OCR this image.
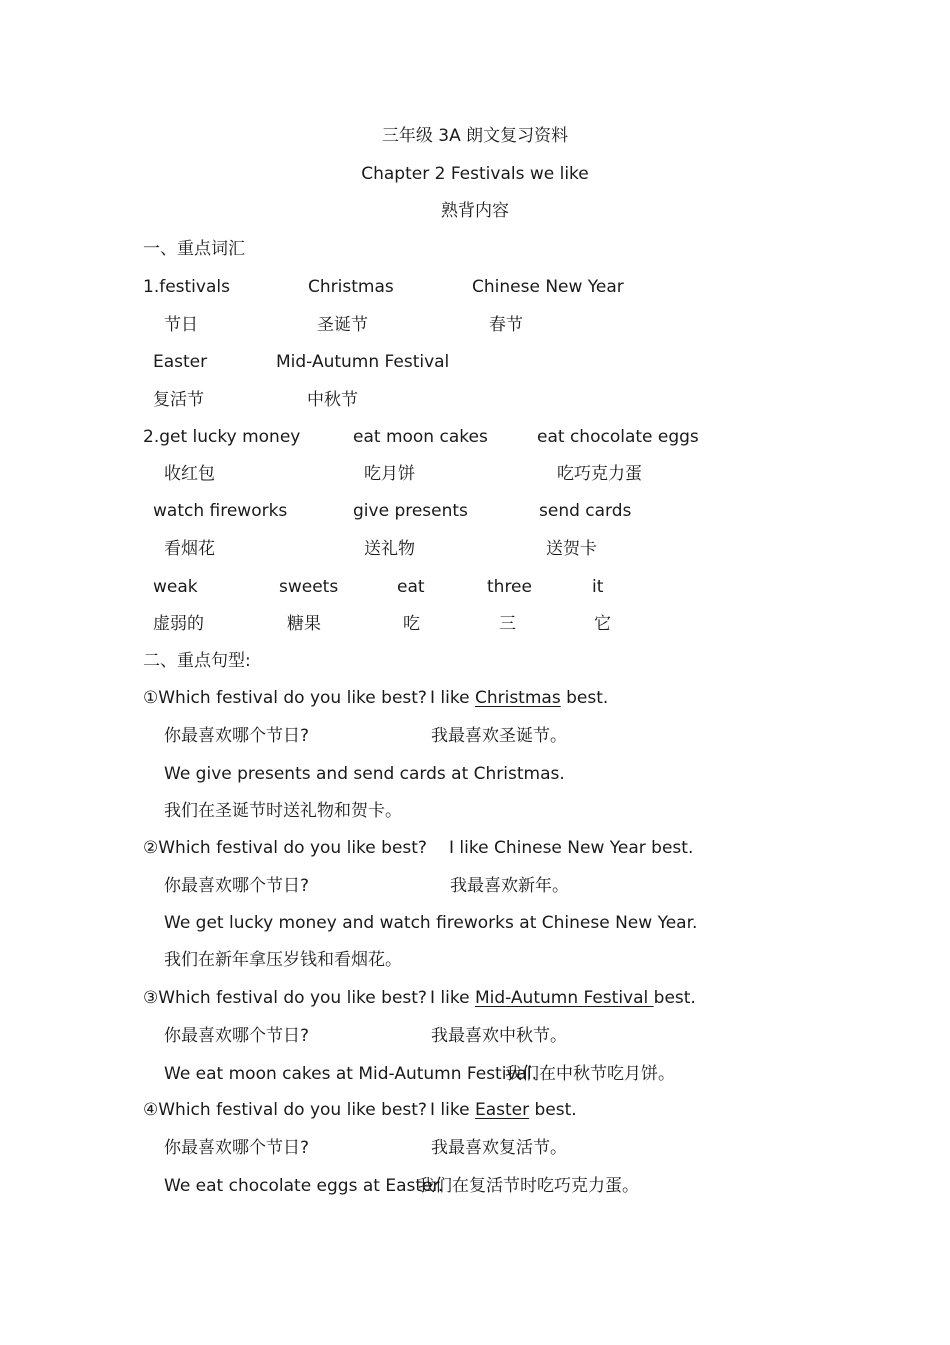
三年级 3A 朗文复习资料
Chapter 2 Festivals we like
熟背内容
一、重点词汇
1.festivals	Christmas	Chinese New Year
节日	圣诞节	春节
Easter	Mid-Autumn Festival
复活节	中秋节
2.get lucky money	eat moon cakes	eat chocolate eggs
收红包	吃月饼	吃巧克力蛋
watch fireworks	give presents	send cards
看烟花	送礼物	送贺卡
weak	sweets	eat	three	it
虚弱的	糖果	吃	三	它
二、重点句型:
①Which festival do you like best? I like Christmas best.
你最喜欢哪个节日?	我最喜欢圣诞节。
We give presents and send cards at Christmas.
我们在圣诞节时送礼物和贺卡。
②Which festival do you like best? I like Chinese New Year best.
你最喜欢哪个节日?	我最喜欢新年。
We get lucky money and watch fireworks at Chinese New Year.
我们在新年拿压岁钱和看烟花。
③Which festival do you like best? I like Mid-Autumn Festival best.
你最喜欢哪个节日?	我最喜欢中秋节。
We eat moon cakes at Mid-Autumn Festival.
我们在中秋节吃月饼。
④Which festival do you like best? I like Easter best.
你最喜欢哪个节日?	我最喜欢复活节。
We eat chocolate eggs at Easter.
我们在复活节时吃巧克力蛋。
